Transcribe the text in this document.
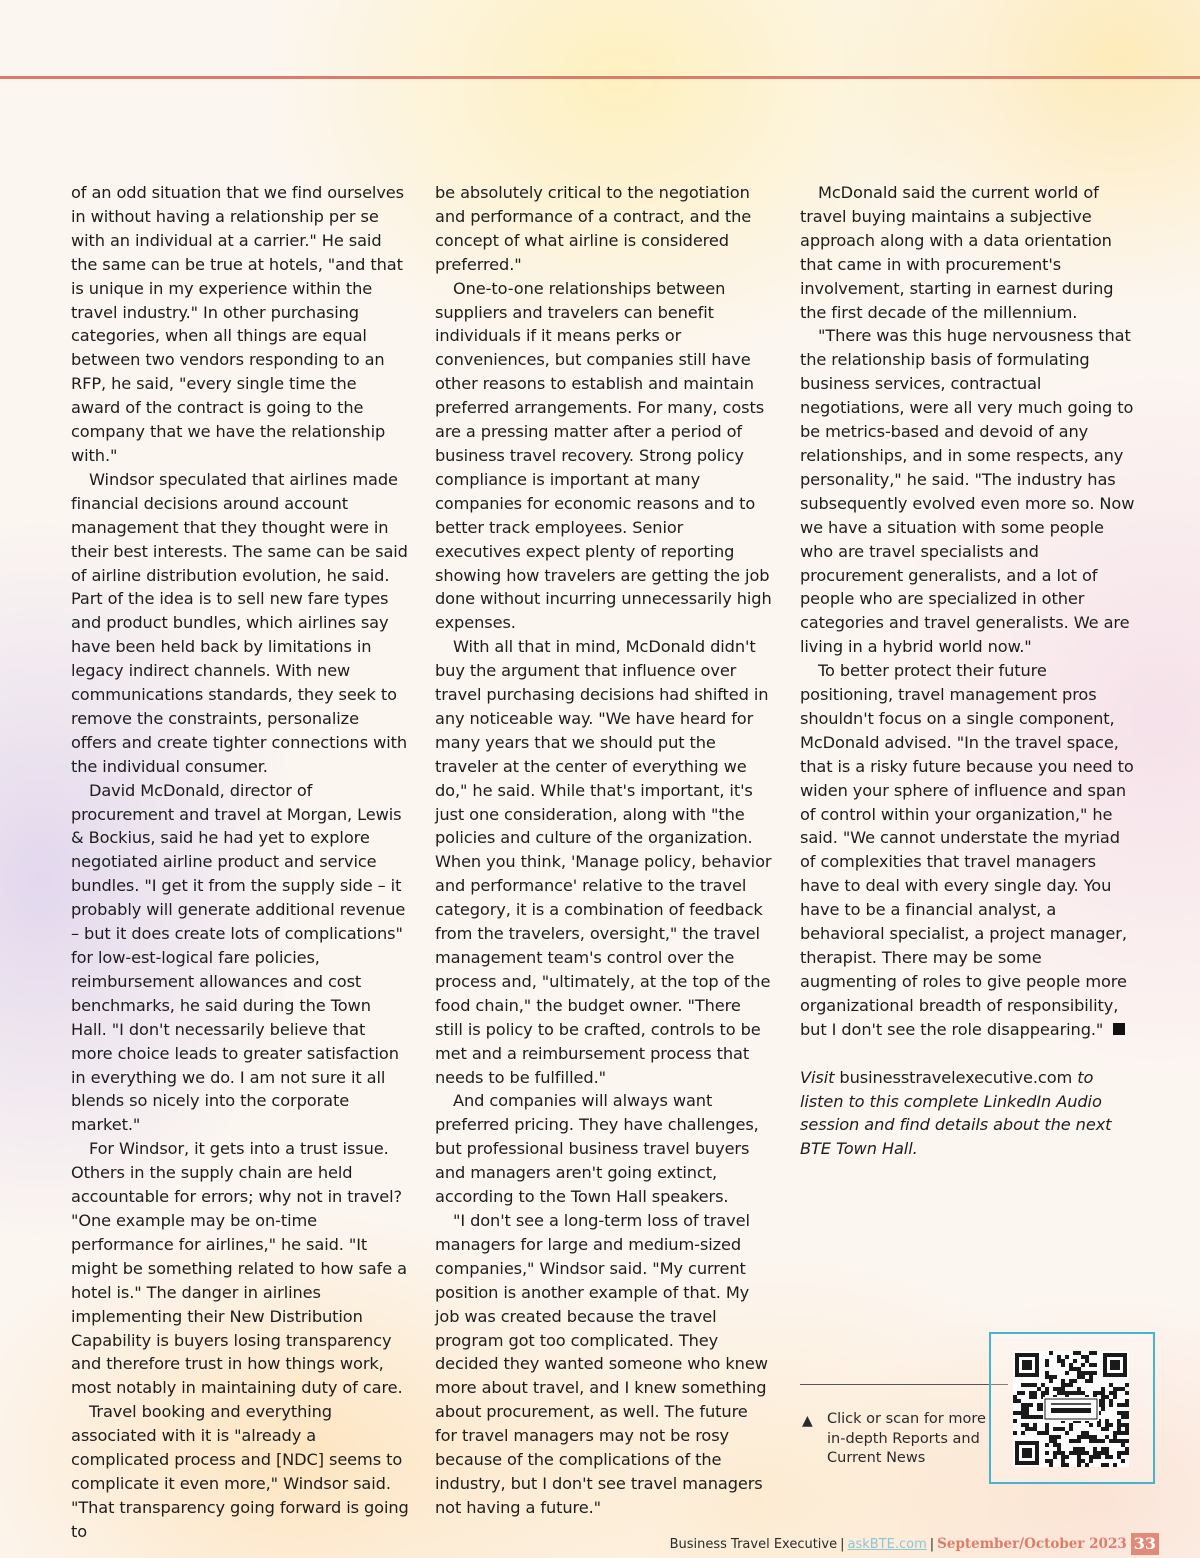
of an odd situation that we find ourselves in without having a relationship per se with an individual at a carrier." He said the same can be true at hotels, "and that is unique in my experience within the travel industry." In other purchasing categories, when all things are equal between two vendors responding to an RFP, he said, "every single time the award of the contract is going to the company that we have the relationship with."

Windsor speculated that airlines made financial decisions around account management that they thought were in their best interests. The same can be said of airline distribution evolution, he said. Part of the idea is to sell new fare types and product bundles, which airlines say have been held back by limitations in legacy indirect channels. With new communications standards, they seek to remove the constraints, personalize offers and create tighter connections with the individual consumer.

David McDonald, director of procurement and travel at Morgan, Lewis & Bockius, said he had yet to explore negotiated airline product and service bundles. "I get it from the supply side – it probably will generate additional revenue – but it does create lots of complications" for low-est-logical fare policies, reimbursement allowances and cost benchmarks, he said during the Town Hall. "I don't necessarily believe that more choice leads to greater satisfaction in everything we do. I am not sure it all blends so nicely into the corporate market."

For Windsor, it gets into a trust issue. Others in the supply chain are held accountable for errors; why not in travel? "One example may be on-time performance for airlines," he said. "It might be something related to how safe a hotel is." The danger in airlines implementing their New Distribution Capability is buyers losing transparency and therefore trust in how things work, most notably in maintaining duty of care.

Travel booking and everything associated with it is "already a complicated process and [NDC] seems to complicate it even more," Windsor said. "That transparency going forward is going to

be absolutely critical to the negotiation and performance of a contract, and the concept of what airline is considered preferred."

One-to-one relationships between suppliers and travelers can benefit individuals if it means perks or conveniences, but companies still have other reasons to establish and maintain preferred arrangements. For many, costs are a pressing matter after a period of business travel recovery. Strong policy compliance is important at many companies for economic reasons and to better track employees. Senior executives expect plenty of reporting showing how travelers are getting the job done without incurring unnecessarily high expenses.

With all that in mind, McDonald didn't buy the argument that influence over travel purchasing decisions had shifted in any noticeable way. "We have heard for many years that we should put the traveler at the center of everything we do," he said. While that's important, it's just one consideration, along with "the policies and culture of the organization. When you think, 'Manage policy, behavior and performance' relative to the travel category, it is a combination of feedback from the travelers, oversight," the travel management team's control over the process and, "ultimately, at the top of the food chain," the budget owner. "There still is policy to be crafted, controls to be met and a reimbursement process that needs to be fulfilled."

And companies will always want preferred pricing. They have challenges, but professional business travel buyers and managers aren't going extinct, according to the Town Hall speakers.

"I don't see a long-term loss of travel managers for large and medium-sized companies," Windsor said. "My current position is another example of that. My job was created because the travel program got too complicated. They decided they wanted someone who knew more about travel, and I knew something about procurement, as well. The future for travel managers may not be rosy because of the complications of the industry, but I don't see travel managers not having a future."

McDonald said the current world of travel buying maintains a subjective approach along with a data orientation that came in with procurement's involvement, starting in earnest during the first decade of the millennium.

"There was this huge nervousness that the relationship basis of formulating business services, contractual negotiations, were all very much going to be metrics-based and devoid of any relationships, and in some respects, any personality," he said. "The industry has subsequently evolved even more so. Now we have a situation with some people who are travel specialists and procurement generalists, and a lot of people who are specialized in other categories and travel generalists. We are living in a hybrid world now."

To better protect their future positioning, travel management pros shouldn't focus on a single component, McDonald advised. "In the travel space, that is a risky future because you need to widen your sphere of influence and span of control within your organization," he said. "We cannot understate the myriad of complexities that travel managers have to deal with every single day. You have to be a financial analyst, a behavioral specialist, a project manager, therapist. There may be some augmenting of roles to give people more organizational breadth of responsibility, but I don't see the role disappearing."

Visit businesstravelexecutive.com to listen to this complete LinkedIn Audio session and find details about the next BTE Town Hall.

▲ Click or scan for more in-depth Reports and Current News
Business Travel Executive | askBTE.com | September/October 2023 33
